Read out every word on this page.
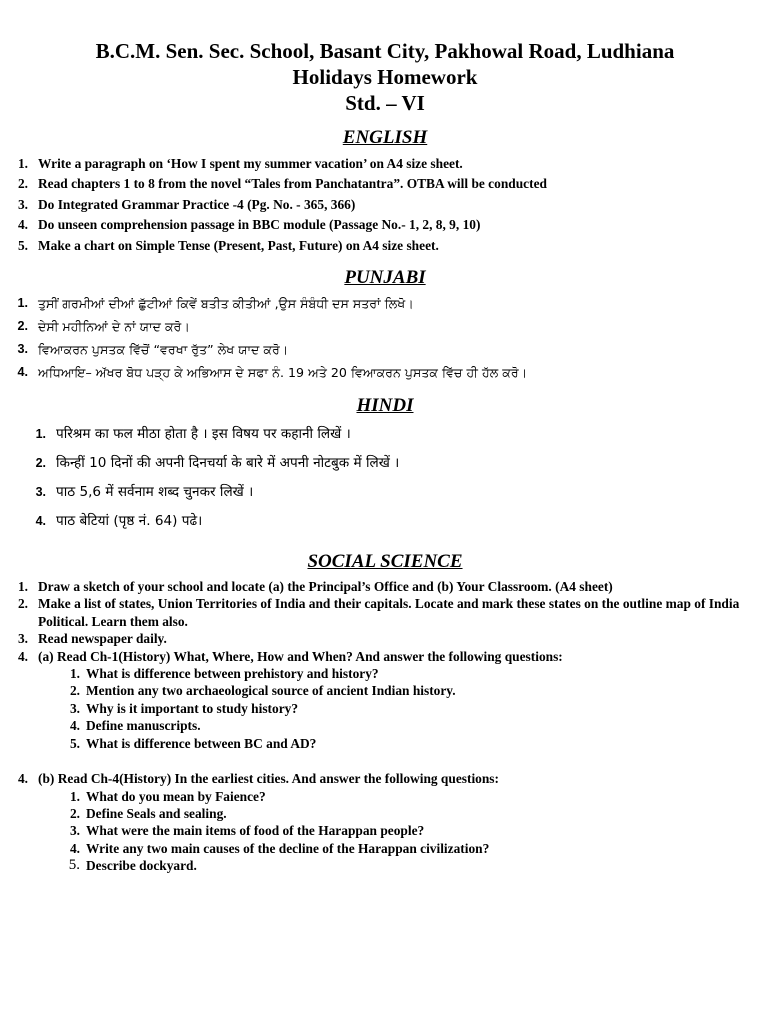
B.C.M. Sen. Sec. School, Basant City, Pakhowal Road, Ludhiana
Holidays Homework
Std. – VI
ENGLISH
1. Write a paragraph on ‘How I spent my summer vacation’ on A4 size sheet.
2. Read chapters 1 to 8 from the novel “Tales from Panchatantra”. OTBA will be conducted
3. Do Integrated Grammar Practice -4 (Pg. No. - 365, 366)
4. Do unseen comprehension passage in BBC module (Passage No.- 1, 2, 8, 9, 10)
5. Make a chart on Simple Tense (Present, Past, Future) on A4 size sheet.
PUNJABI
1. ਤੁਸੀਂ ਗਰਮੀਆਂ ਦੀਆਂ ਛੁੱਟੀਆਂ ਕਿਵੇਂ ਬਤੀਤ ਕੀਤੀਆਂ ,ਉਸ ਸੰਬੰਧੀ ਦਸ ਸਤਰਾਂ ਲਿਖੋ।
2. ਦੇਸੀ ਮਹੀਨਿਆਂ ਦੇ ਨਾਂ ਯਾਦ ਕਰੋ।
3. ਵਿਆਕਰਨ ਪੁਸਤਕ ਵਿੱਚੋਂ “ਵਰਖਾ ਰੁੱਤ” ਲੇਖ ਯਾਦ ਕਰੋ।
4. ਅਧਿਆਇ– ਅੱਖਰ ਬੋਧ ਪੜ੍ਹ ਕੇ ਅਭਿਆਸ ਦੇ ਸਫਾ ਨੰ. 19 ਅਤੇ 20 ਵਿਆਕਰਨ ਪੁਸਤਕ ਵਿੱਚ ਹੀ ਹੱਲ ਕਰੋ।
HINDI
1. परिश्रम का फल मीठा होता है । इस विषय पर कहानी लिखें ।
2. किन्हीं 10 दिनों की अपनी दिनचर्या के बारे में अपनी नोटबुक में लिखें ।
3. पाठ 5,6 में सर्वनाम शब्द चुनकर लिखें ।
4. पाठ बेटियां (पृष्ठ नं. 64) पढे।
SOCIAL SCIENCE
1. Draw a sketch of your school and locate (a) the Principal’s Office and (b) Your Classroom. (A4 sheet)
2. Make a list of states, Union Territories of India and their capitals. Locate and mark these states on the outline map of India Political. Learn them also.
3. Read newspaper daily.
4. (a) Read Ch-1(History) What, Where, How and When? And answer the following questions:
1. What is difference between prehistory and history?
2. Mention any two archaeological source of ancient Indian history.
3. Why is it important to study history?
4. Define manuscripts.
5. What is difference between BC and AD?
4. (b) Read Ch-4(History) In the earliest cities. And answer the following questions:
1. What do you mean by Faience?
2. Define Seals and sealing.
3. What were the main items of food of the Harappan people?
4. Write any two main causes of the decline of the Harappan civilization?
5. Describe dockyard.
